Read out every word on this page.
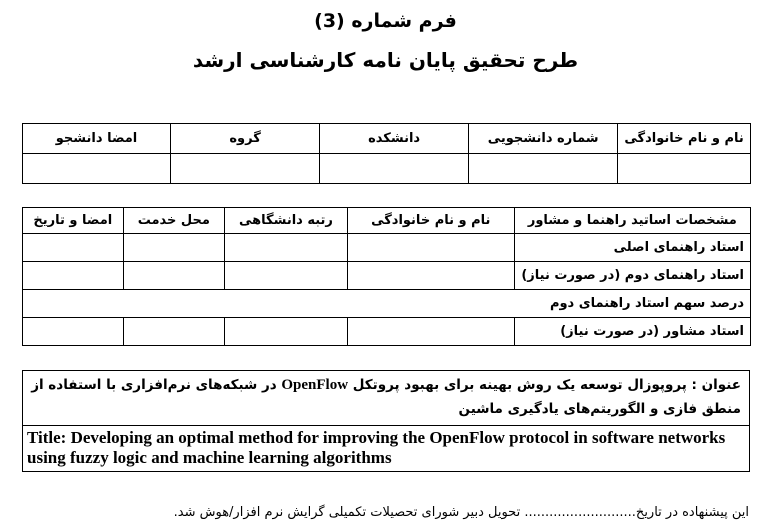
فرم شماره (3)
طرح تحقیق پایان نامه کارشناسی ارشد
نام و نام خانوادگی	شماره دانشجویی	دانشکده	گروه	امضا دانشجو

مشخصات اساتید راهنما و مشاور	نام و نام خانوادگی	رتبه دانشگاهی	محل خدمت	امضا و تاریخ
استاد راهنمای اصلی				
استاد راهنمای دوم (در صورت نیاز)				
درصد سهم استاد راهنمای دوم				
استاد مشاور (در صورت نیاز)				
عنوان : پروپوزال توسعه یک روش بهینه برای بهبود پروتکل OpenFlow در شبکه‌های نرم‌افزاری با استفاده از منطق فازی و الگوریتم‌های یادگیری ماشین
Title: Developing an optimal method for improving the OpenFlow protocol in software networks using fuzzy logic and machine learning algorithms
این پیشنهاده در تاریخ........................... تحویل دبیر شورای تحصیلات تکمیلی گرایش نرم افزار/هوش شد.
